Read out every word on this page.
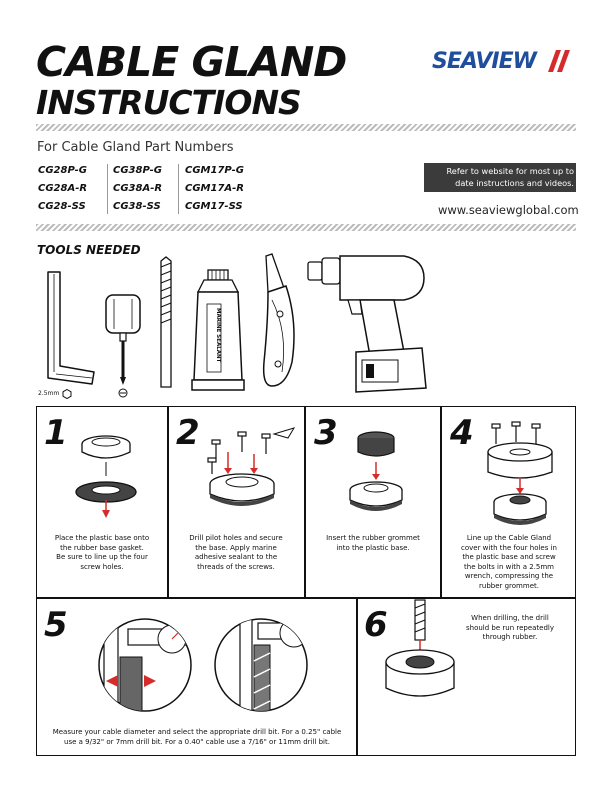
CABLE GLAND
INSTRUCTIONS
SEAVIEW
For Cable Gland Part Numbers
CG28P-G
CG28A-R
CG28-SS
CG38P-G
CG38A-R
CG38-SS
CGM17P-G
CGM17A-R
CGM17-SS
Refer to website for most up to
date instructions and videos.
www.seaviewglobal.com
TOOLS NEEDED
2.5mm
MARINE SEALANT
1
Place the plastic base onto
the rubber base gasket.
Be sure to line up the four
screw holes.
2
Drill pilot holes and secure
the base. Apply marine
adhesive sealant to the
threads of the screws.
3
Insert the rubber grommet
into the plastic base.
4
Line up the Cable Gland
cover with the four holes in
the plastic base and screw
the bolts in with a 2.5mm
wrench, compressing the
rubber grommet.
5
Measure your cable diameter and select the appropriate drill bit. For a 0.25" cable
use a 9/32" or 7mm drill bit. For a 0.40" cable use a 7/16" or 11mm drill bit.
6	When drilling, the drill
should be run repeatedly
through rubber.
